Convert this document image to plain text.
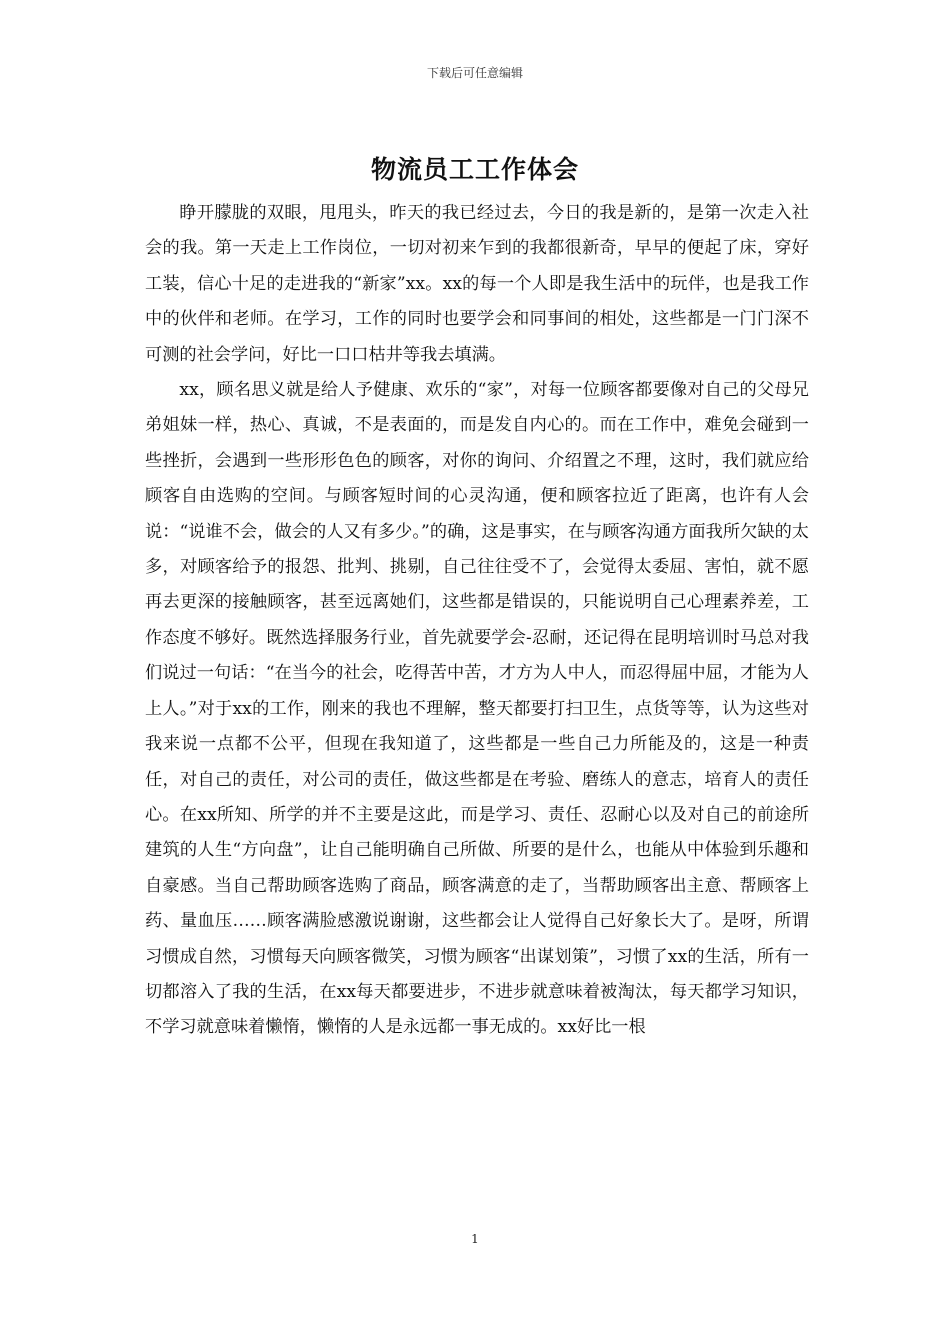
下载后可任意编辑
物流员工工作体会

睁开朦胧的双眼，甩甩头，昨天的我已经过去，今日的我是新的，是第一次走入社会的我。第一天走上工作岗位，一切对初来乍到的我都很新奇，早早的便起了床，穿好工装，信心十足的走进我的“新家”xx。xx的每一个人即是我生活中的玩伴，也是我工作中的伙伴和老师。在学习，工作的同时也要学会和同事间的相处，这些都是一门门深不可测的社会学问，好比一口口枯井等我去填满。

xx，顾名思义就是给人予健康、欢乐的“家”，对每一位顾客都要像对自己的父母兄弟姐妹一样，热心、真诚，不是表面的，而是发自内心的。而在工作中，难免会碰到一些挫折，会遇到一些形形色色的顾客，对你的询问、介绍置之不理，这时，我们就应给顾客自由选购的空间。与顾客短时间的心灵沟通，便和顾客拉近了距离，也许有人会说：“说谁不会，做会的人又有多少。”的确，这是事实，在与顾客沟通方面我所欠缺的太多，对顾客给予的报怨、批判、挑剔，自己往往受不了，会觉得太委屈、害怕，就不愿再去更深的接触顾客，甚至远离她们，这些都是错误的，只能说明自己心理素养差，工作态度不够好。既然选择服务行业，首先就要学会-忍耐，还记得在昆明培训时马总对我们说过一句话：“在当今的社会，吃得苦中苦，才方为人中人，而忍得屈中屈，才能为人上人。”对于xx的工作，刚来的我也不理解，整天都要打扫卫生，点货等等，认为这些对我来说一点都不公平，但现在我知道了，这些都是一些自己力所能及的，这是一种责任，对自己的责任，对公司的责任，做这些都是在考验、磨练人的意志，培育人的责任心。在xx所知、所学的并不主要是这此，而是学习、责任、忍耐心以及对自己的前途所建筑的人生“方向盘”，让自己能明确自己所做、所要的是什么，也能从中体验到乐趣和自豪感。当自己帮助顾客选购了商品，顾客满意的走了，当帮助顾客出主意、帮顾客上药、量血压……顾客满脸感激说谢谢，这些都会让人觉得自己好象长大了。是呀，所谓习惯成自然，习惯每天向顾客微笑，习惯为顾客“出谋划策”，习惯了xx的生活，所有一切都溶入了我的生活，在xx每天都要进步，不进步就意味着被淘汰，每天都学习知识，不学习就意味着懒惰，懒惰的人是永远都一事无成的。xx好比一根

1
